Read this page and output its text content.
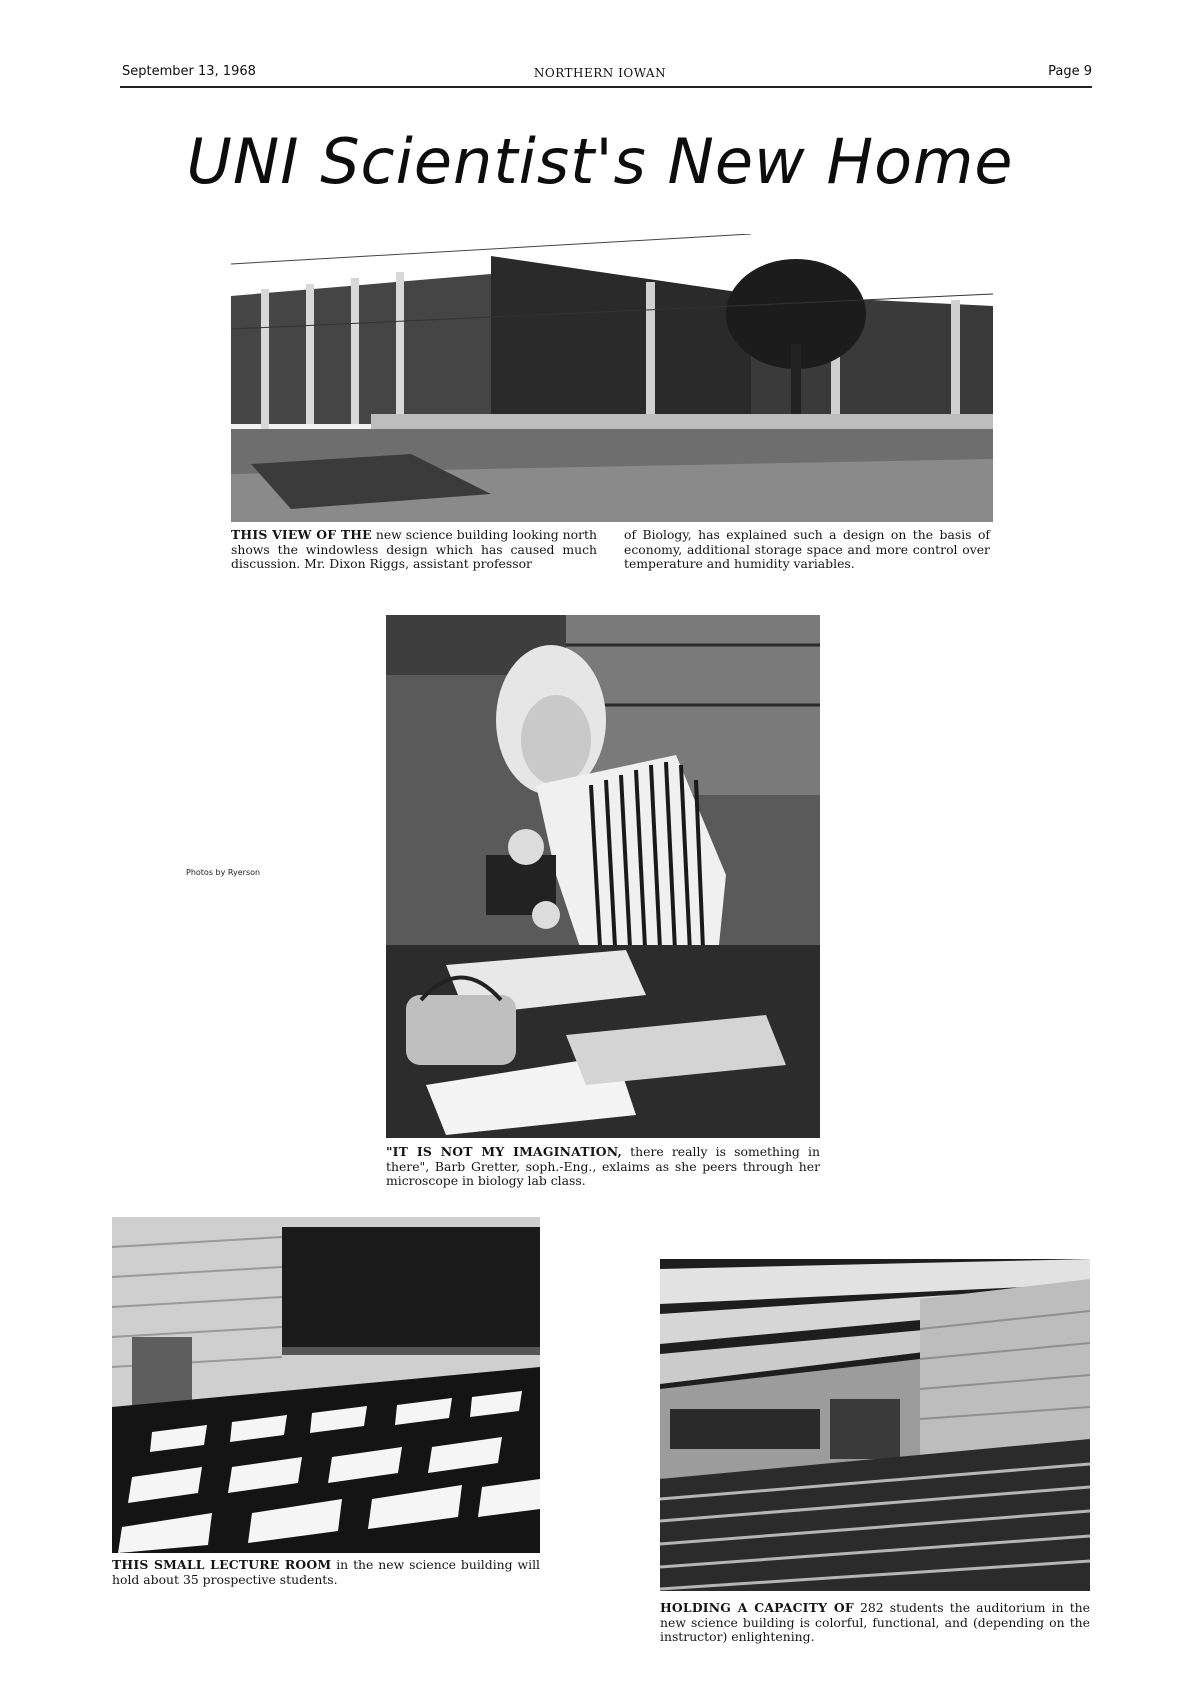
September 13, 1968	NORTHERN IOWAN	Page 9
UNI Scientist's New Home
THIS VIEW OF THE new science building looking north shows the windowless design which has caused much discussion. Mr. Dixon Riggs, assistant professor
of Biology, has explained such a design on the basis of economy, additional storage space and more control over temperature and humidity variables.
Photos by Ryerson
"IT IS NOT MY IMAGINATION, there really is something in there", Barb Gretter, soph.-Eng., exlaims as she peers through her microscope in biology lab class.
THIS SMALL LECTURE ROOM in the new science building will hold about 35 prospective students.
HOLDING A CAPACITY OF 282 students the auditorium in the new science building is colorful, functional, and (depending on the instructor) enlightening.
